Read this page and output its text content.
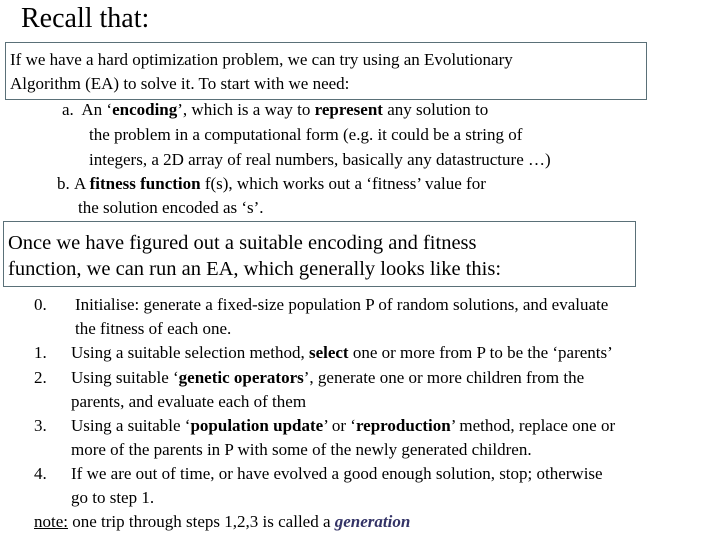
Recall that:
If we have a hard optimization problem, we can try using an Evolutionary
Algorithm (EA) to solve it. To start with we need:
a. An ‘encoding’, which is a way to represent any solution to
the problem in a computational form (e.g. it could be a string of
integers, a 2D array of real numbers, basically any datastructure …)
b. A fitness function f(s), which works out a ‘fitness’ value for
the solution encoded as ‘s’.
Once we have figured out a suitable encoding and fitness
function, we can run an EA, which generally looks like this:
0. Initialise: generate a fixed-size population P of random solutions, and evaluate
the fitness of each one.
1. Using a suitable selection method, select one or more from P to be the ‘parents’
2. Using suitable ‘genetic operators’, generate one or more children from the
parents, and evaluate each of them
3. Using a suitable ‘population update’ or ‘reproduction’ method, replace one or
more of the parents in P with some of the newly generated children.
4. If we are out of time, or have evolved a good enough solution, stop; otherwise
go to step 1.
note: one trip through steps 1,2,3 is called a generation
